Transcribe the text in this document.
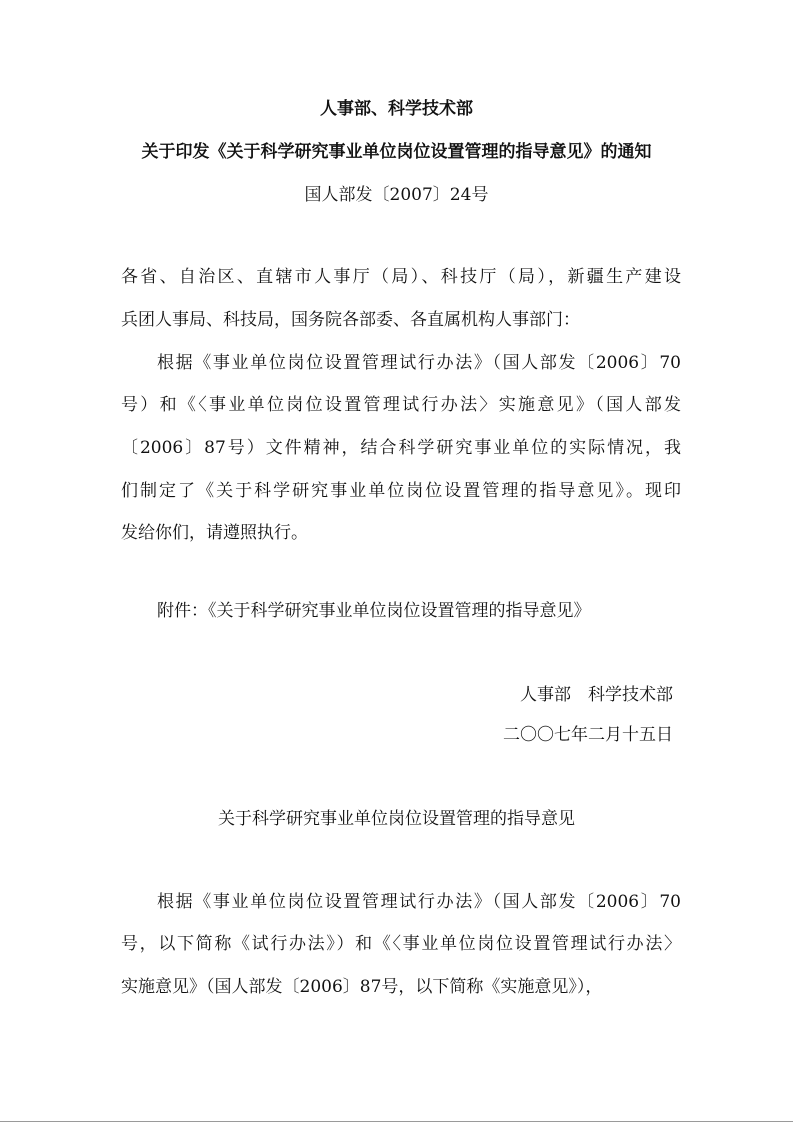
人事部、科学技术部
关于印发《关于科学研究事业单位岗位设置管理的指导意见》的通知
国人部发〔2007〕24号
各省、自治区、直辖市人事厅（局）、科技厅（局），新疆生产建设
兵团人事局、科技局，国务院各部委、各直属机构人事部门：
根据《事业单位岗位设置管理试行办法》（国人部发〔2006〕70
号）和《〈事业单位岗位设置管理试行办法〉实施意见》（国人部发
〔2006〕87号）文件精神，结合科学研究事业单位的实际情况，我
们制定了《关于科学研究事业单位岗位设置管理的指导意见》。现印
发给你们，请遵照执行。
附件：《关于科学研究事业单位岗位设置管理的指导意见》
人事部　科学技术部
二〇〇七年二月十五日
关于科学研究事业单位岗位设置管理的指导意见
根据《事业单位岗位设置管理试行办法》（国人部发〔2006〕70
号，以下简称《试行办法》）和《〈事业单位岗位设置管理试行办法〉
实施意见》（国人部发〔2006〕87号，以下简称《实施意见》），
